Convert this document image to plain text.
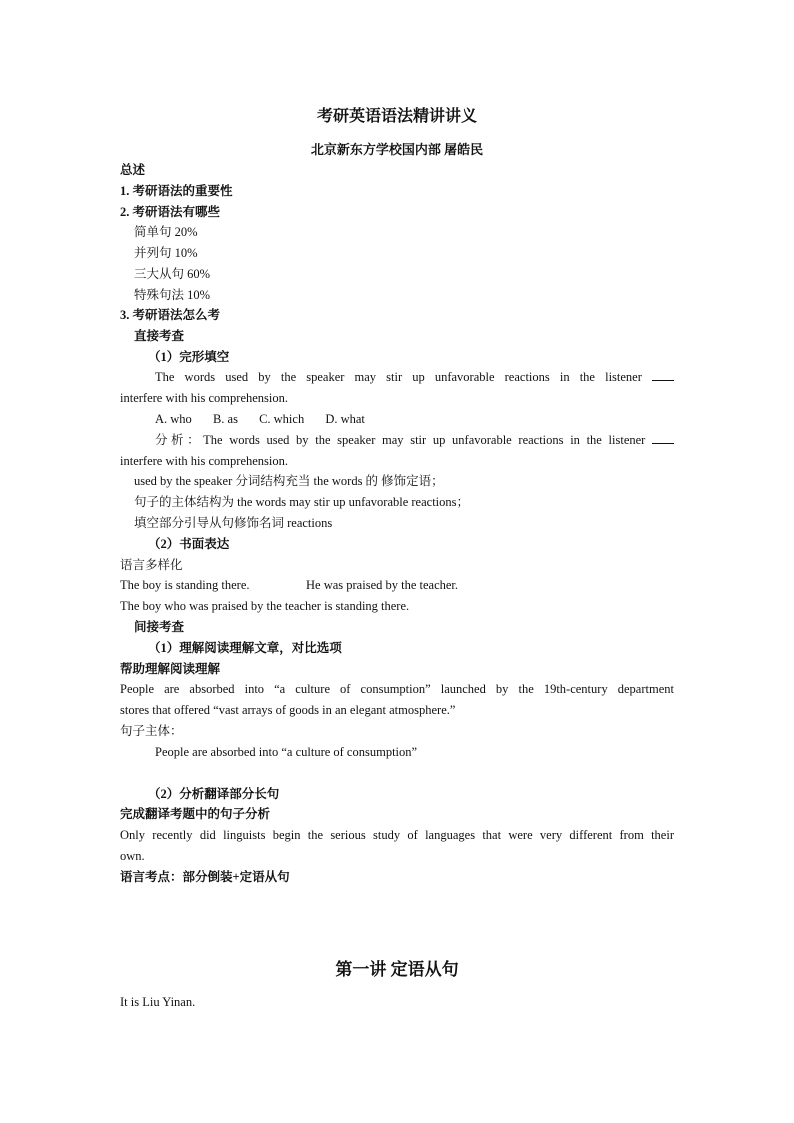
考研英语语法精讲讲义
北京新东方学校国内部 屠皓民
总述
1. 考研语法的重要性
2. 考研语法有哪些
简单句 20%
并列句 10%
三大从句 60%
特殊句法 10%
3. 考研语法怎么考
直接考查
（1）完形填空
The words used by the speaker may stir up unfavorable reactions in the listener
interfere with his comprehension.
A. who B. as C. which D. what
分析：The words used by the speaker may stir up unfavorable reactions in the listener
interfere with his comprehension.
used by the speaker 分词结构充当 the words 的 修饰定语；
句子的主体结构为 the words may stir up unfavorable reactions；
填空部分引导从句修饰名词 reactions
（2）书面表达
语言多样化
The boy is standing there.	He was praised by the teacher.
The boy who was praised by the teacher is standing there.
间接考查
（1）理解阅读理解文章，对比选项
帮助理解阅读理解
People are absorbed into “a culture of consumption” launched by the 19th-century department
stores that offered “vast arrays of goods in an elegant atmosphere.”
句子主体：
People are absorbed into “a culture of consumption”
（2）分析翻译部分长句
完成翻译考题中的句子分析
Only recently did linguists begin the serious study of languages that were very different from their
own.
语言考点：部分倒装+定语从句
第一讲 定语从句
It is Liu Yinan.
